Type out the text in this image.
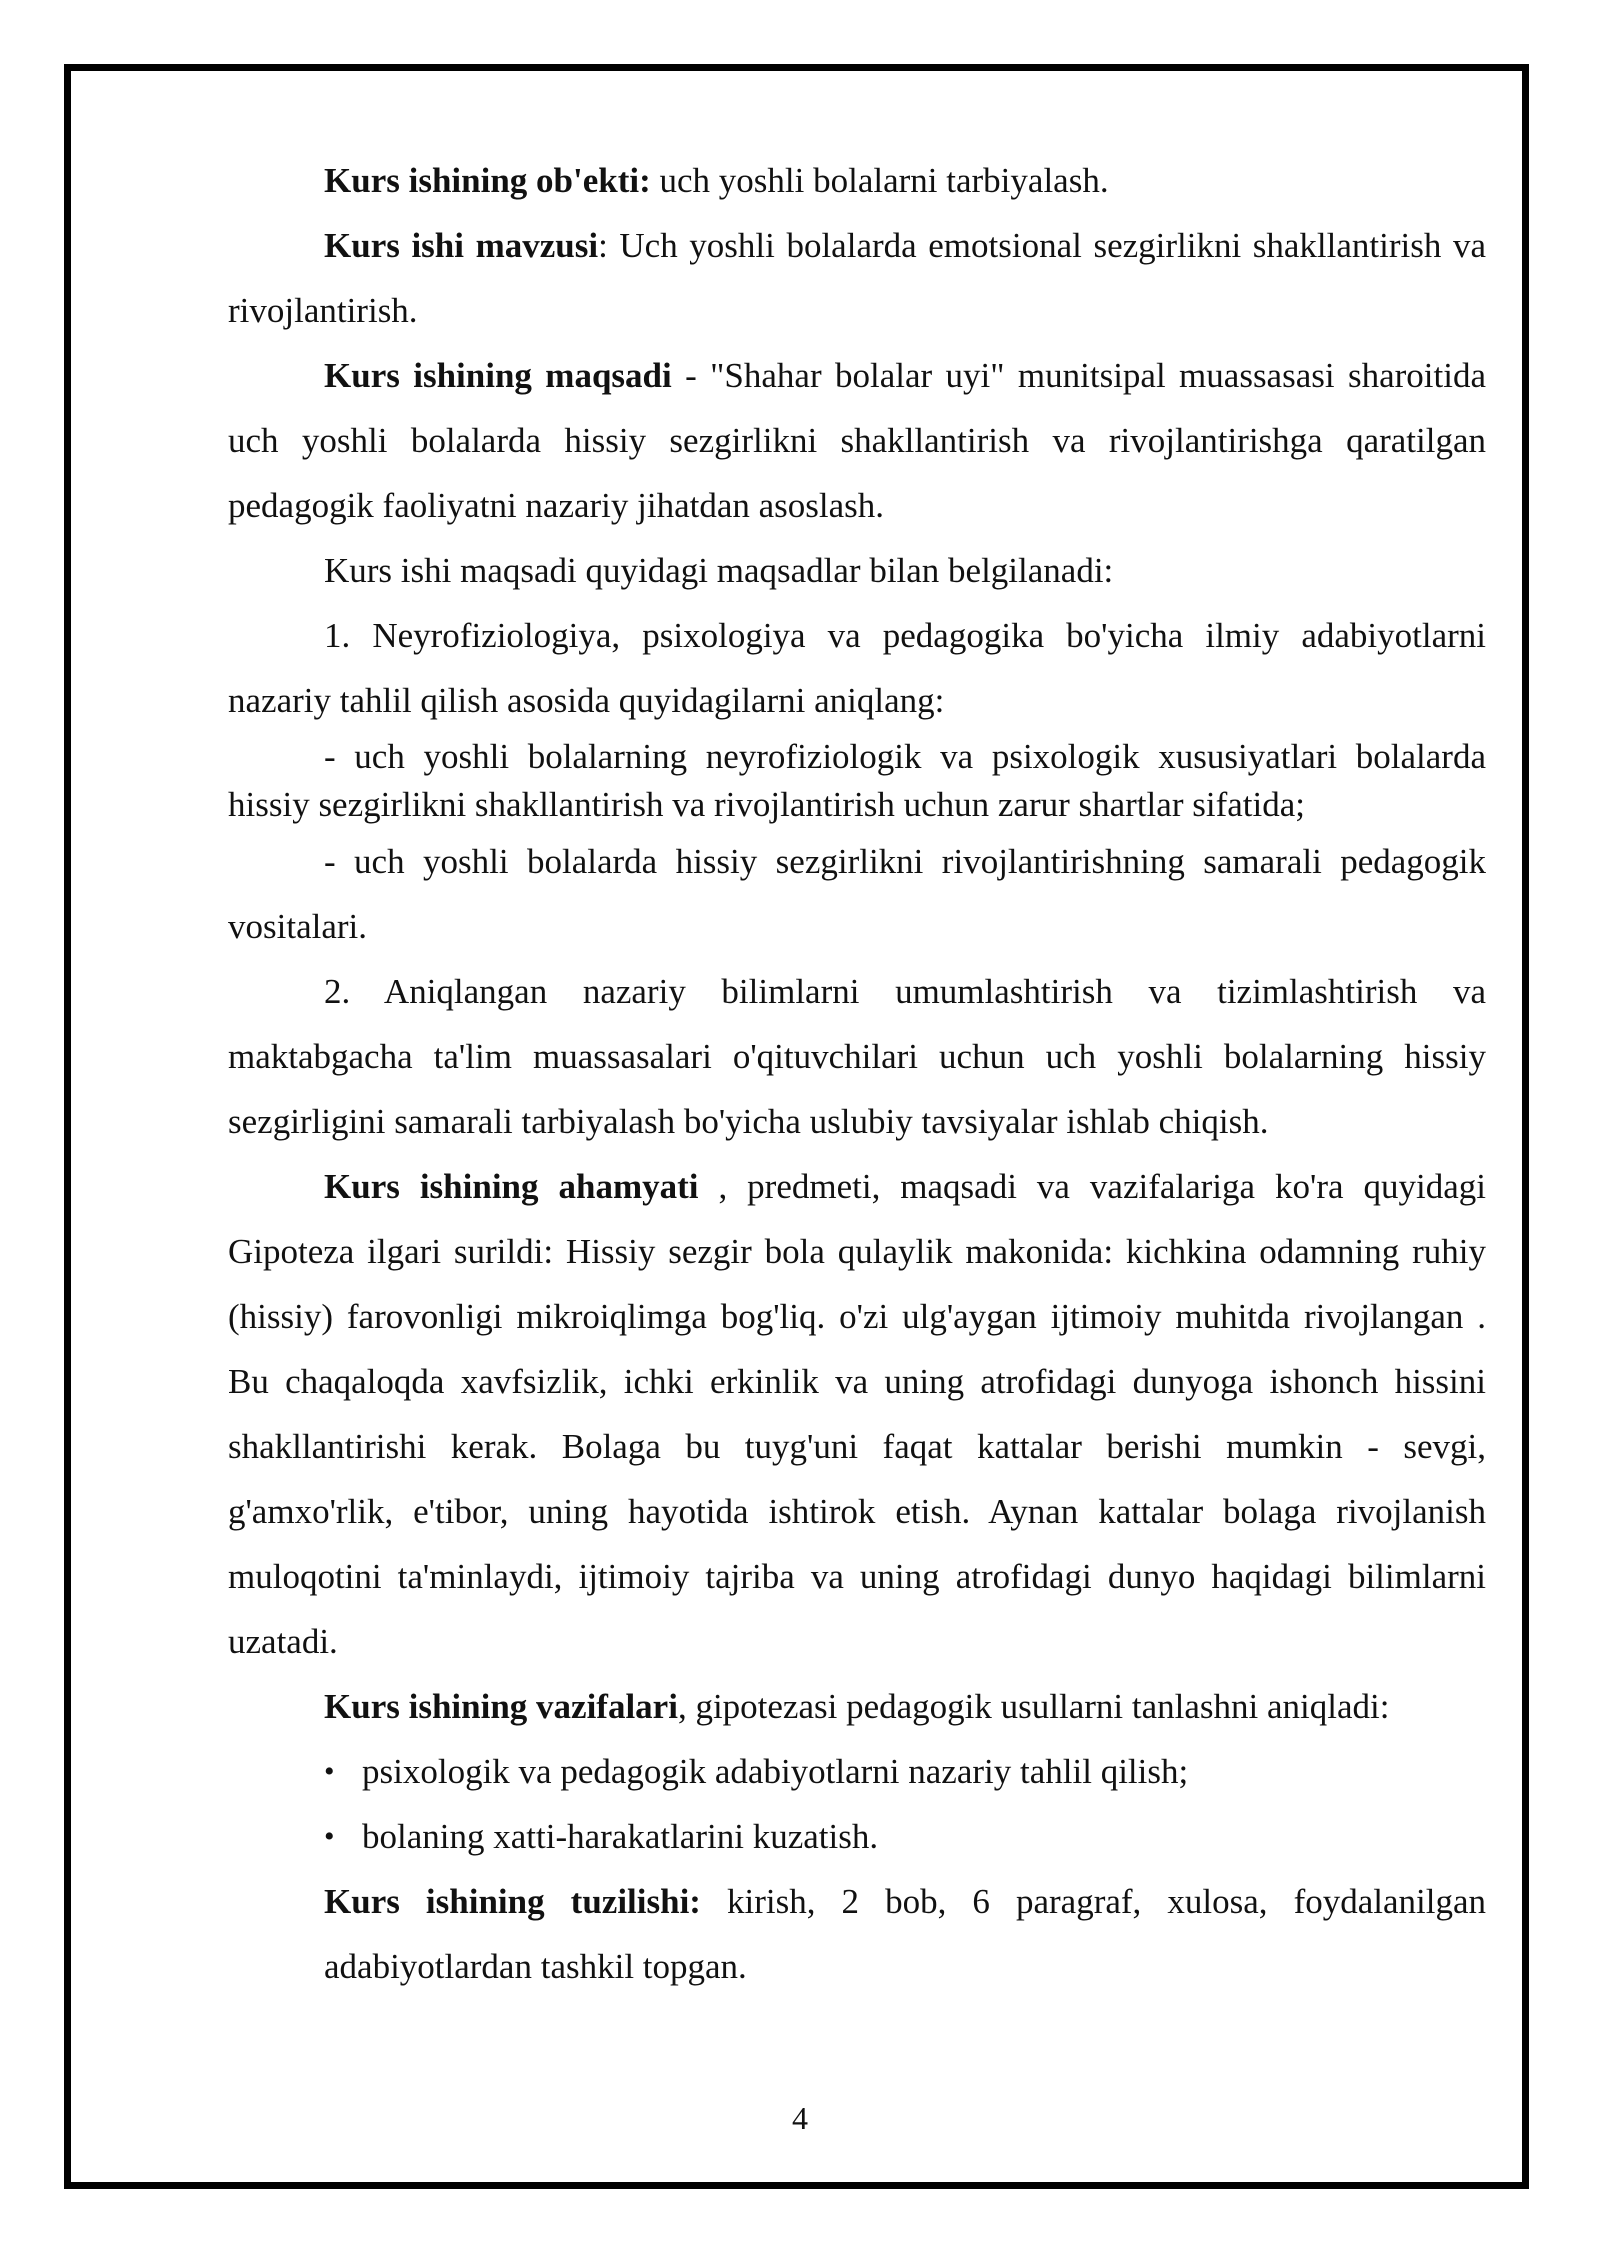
Kurs ishining ob'ekti: uch yoshli bolalarni tarbiyalash.

Kurs ishi mavzusi: Uch yoshli bolalarda emotsional sezgirlikni shakllantirish va rivojlantirish.

Kurs ishining maqsadi - "Shahar bolalar uyi" munitsipal muassasasi sharoitida uch yoshli bolalarda hissiy sezgirlikni shakllantirish va rivojlantirishga qaratilgan pedagogik faoliyatni nazariy jihatdan asoslash.

Kurs ishi maqsadi quyidagi maqsadlar bilan belgilanadi:

1. Neyrofiziologiya, psixologiya va pedagogika bo'yicha ilmiy adabiyotlarni nazariy tahlil qilish asosida quyidagilarni aniqlang:

- uch yoshli bolalarning neyrofiziologik va psixologik xususiyatlari bolalarda hissiy sezgirlikni shakllantirish va rivojlantirish uchun zarur shartlar sifatida;

- uch yoshli bolalarda hissiy sezgirlikni rivojlantirishning samarali pedagogik vositalari.

2. Aniqlangan nazariy bilimlarni umumlashtirish va tizimlashtirish va maktabgacha ta'lim muassasalari o'qituvchilari uchun uch yoshli bolalarning hissiy sezgirligini samarali tarbiyalash bo'yicha uslubiy tavsiyalar ishlab chiqish.

Kurs ishining ahamyati , predmeti, maqsadi va vazifalariga ko'ra quyidagi Gipoteza ilgari surildi: Hissiy sezgir bola qulaylik makonida: kichkina odamning ruhiy (hissiy) farovonligi mikroiqlimga bog'liq. o'zi ulg'aygan ijtimoiy muhitda rivojlangan . Bu chaqaloqda xavfsizlik, ichki erkinlik va uning atrofidagi dunyoga ishonch hissini shakllantirishi kerak. Bolaga bu tuyg'uni faqat kattalar berishi mumkin - sevgi, g'amxo'rlik, e'tibor, uning hayotida ishtirok etish. Aynan kattalar bolaga rivojlanish muloqotini ta'minlaydi, ijtimoiy tajriba va uning atrofidagi dunyo haqidagi bilimlarni uzatadi.

Kurs ishining vazifalari, gipotezasi pedagogik usullarni tanlashni aniqladi:

• psixologik va pedagogik adabiyotlarni nazariy tahlil qilish;

• bolaning xatti-harakatlarini kuzatish.

Kurs ishining tuzilishi: kirish, 2 bob, 6 paragraf, xulosa, foydalanilgan adabiyotlardan tashkil topgan.

4
